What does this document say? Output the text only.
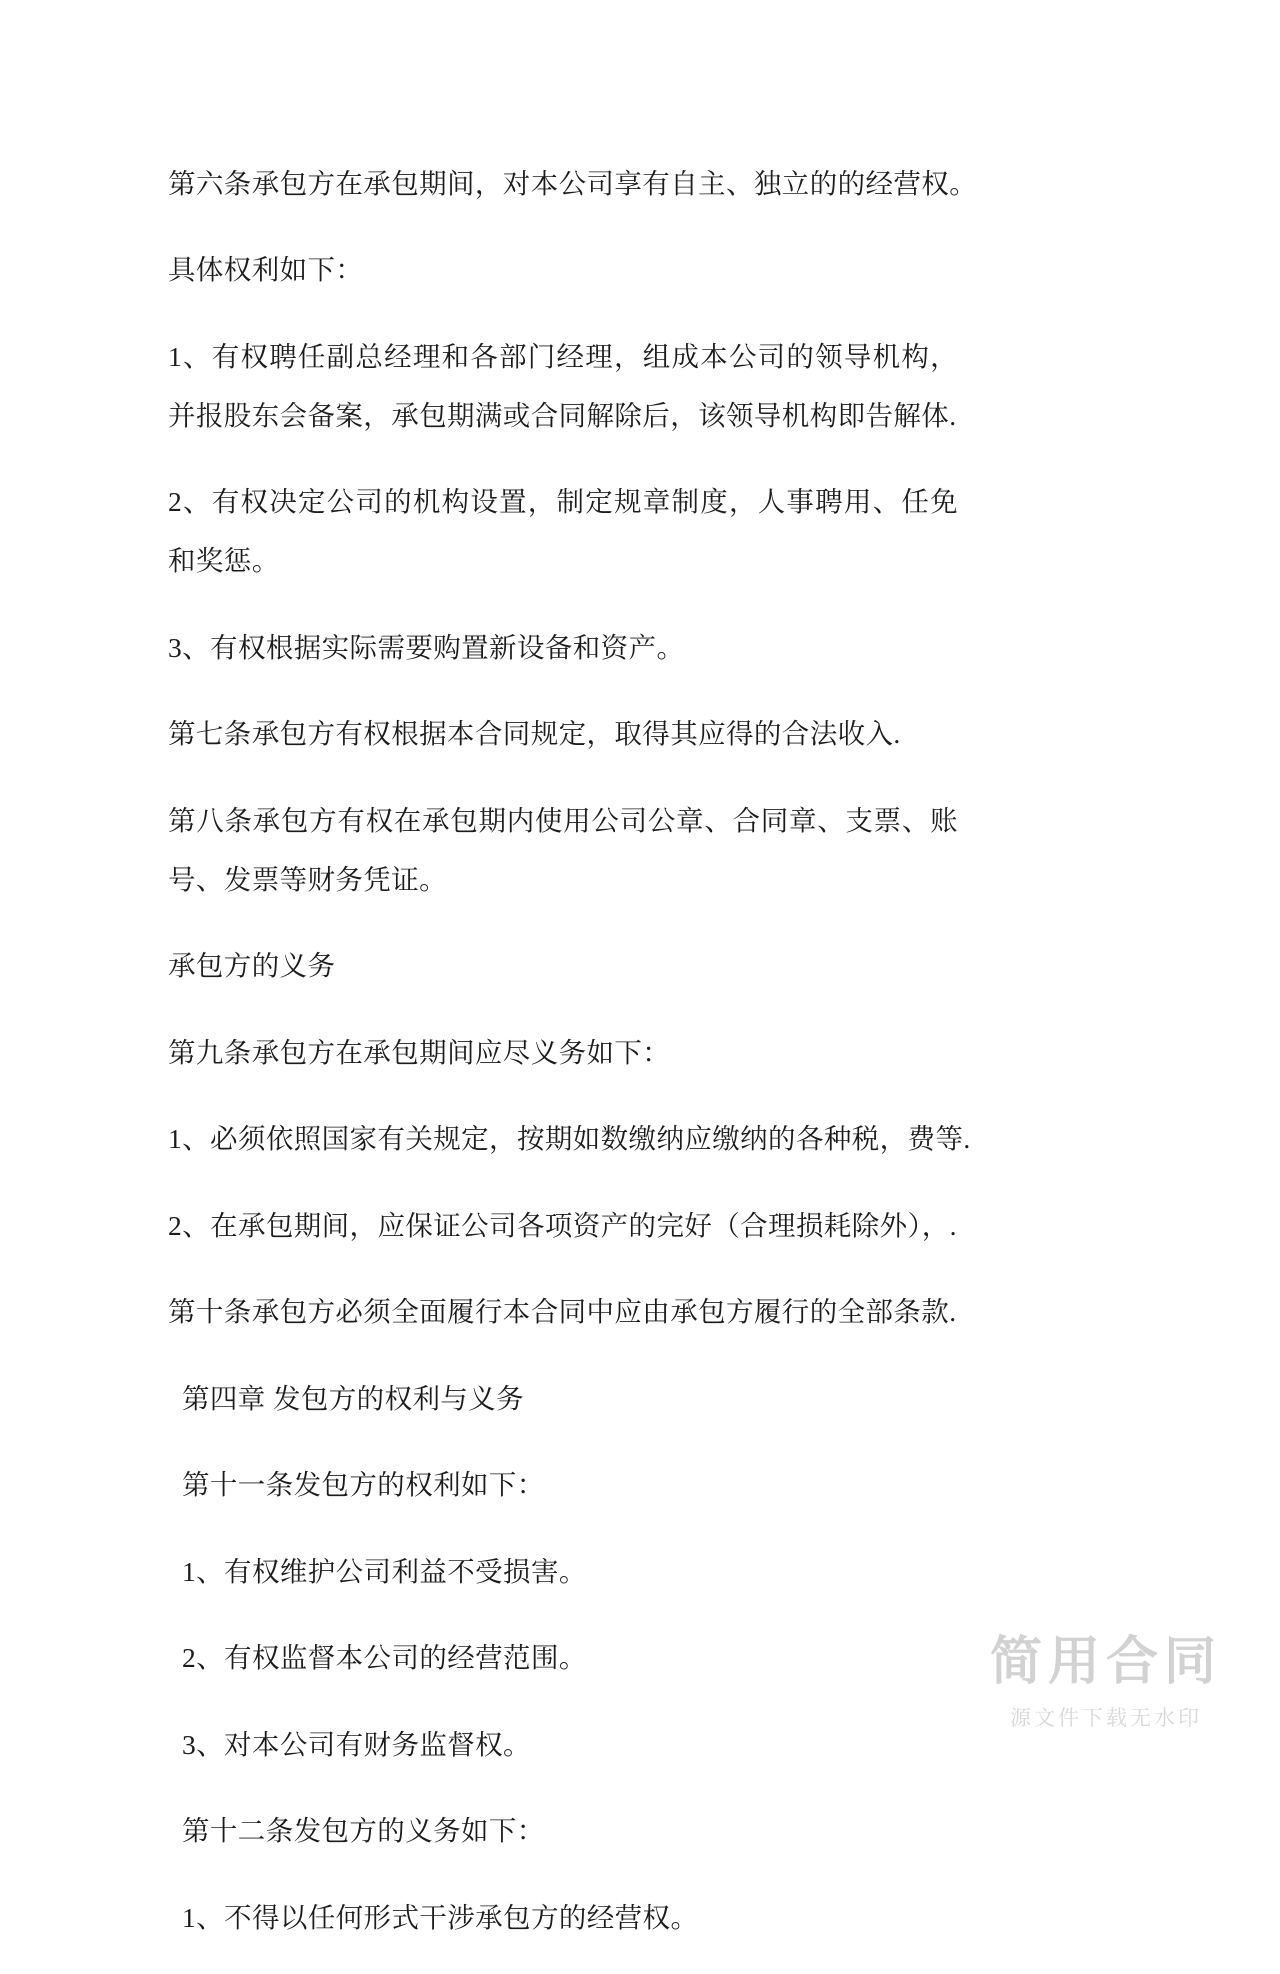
第六条承包方在承包期间，对本公司享有自主、独立的的经营权。

具体权利如下：

1、有权聘任副总经理和各部门经理，组成本公司的领导机构，并报股东会备案，承包期满或合同解除后，该领导机构即告解体.

2、有权决定公司的机构设置，制定规章制度，人事聘用、任免和奖惩。

3、有权根据实际需要购置新设备和资产。

第七条承包方有权根据本合同规定，取得其应得的合法收入.

第八条承包方有权在承包期内使用公司公章、合同章、支票、账号、发票等财务凭证。

承包方的义务

第九条承包方在承包期间应尽义务如下：

1、必须依照国家有关规定，按期如数缴纳应缴纳的各种税，费等.

2、在承包期间，应保证公司各项资产的完好（合理损耗除外），.

第十条承包方必须全面履行本合同中应由承包方履行的全部条款.

第四章 发包方的权利与义务

第十一条发包方的权利如下：

1、有权维护公司利益不受损害。

2、有权监督本公司的经营范围。

3、对本公司有财务监督权。

第十二条发包方的义务如下：

1、不得以任何形式干涉承包方的经营权。

简用合同
源文件下载无水印
